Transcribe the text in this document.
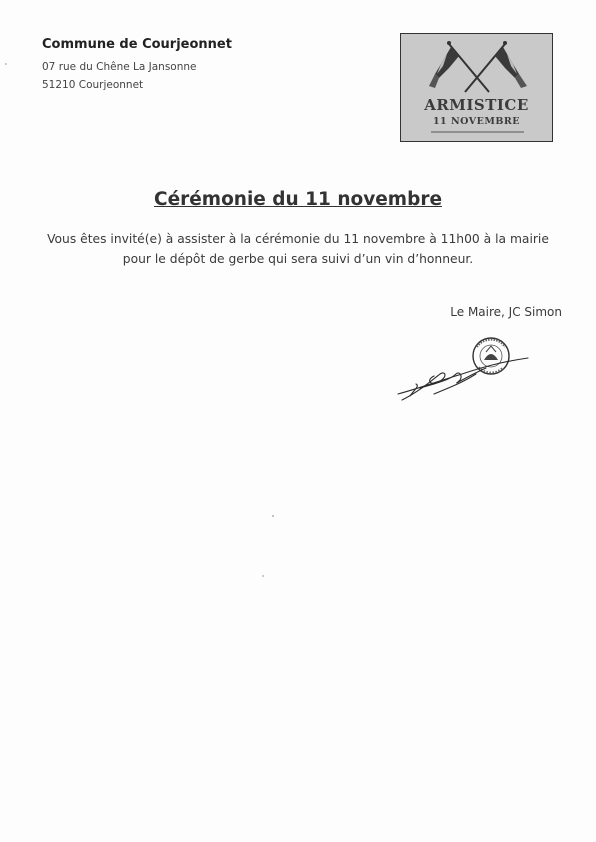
Commune de Courjeonnet
07 rue du Chêne La Jansonne
51210 Courjeonnet
ARMISTICE
11 NOVEMBRE
Cérémonie du 11 novembre
Vous êtes invité(e) à assister à la cérémonie du 11 novembre à 11h00 à la mairie
pour le dépôt de gerbe qui sera suivi d’un vin d’honneur.
Le Maire, JC Simon
